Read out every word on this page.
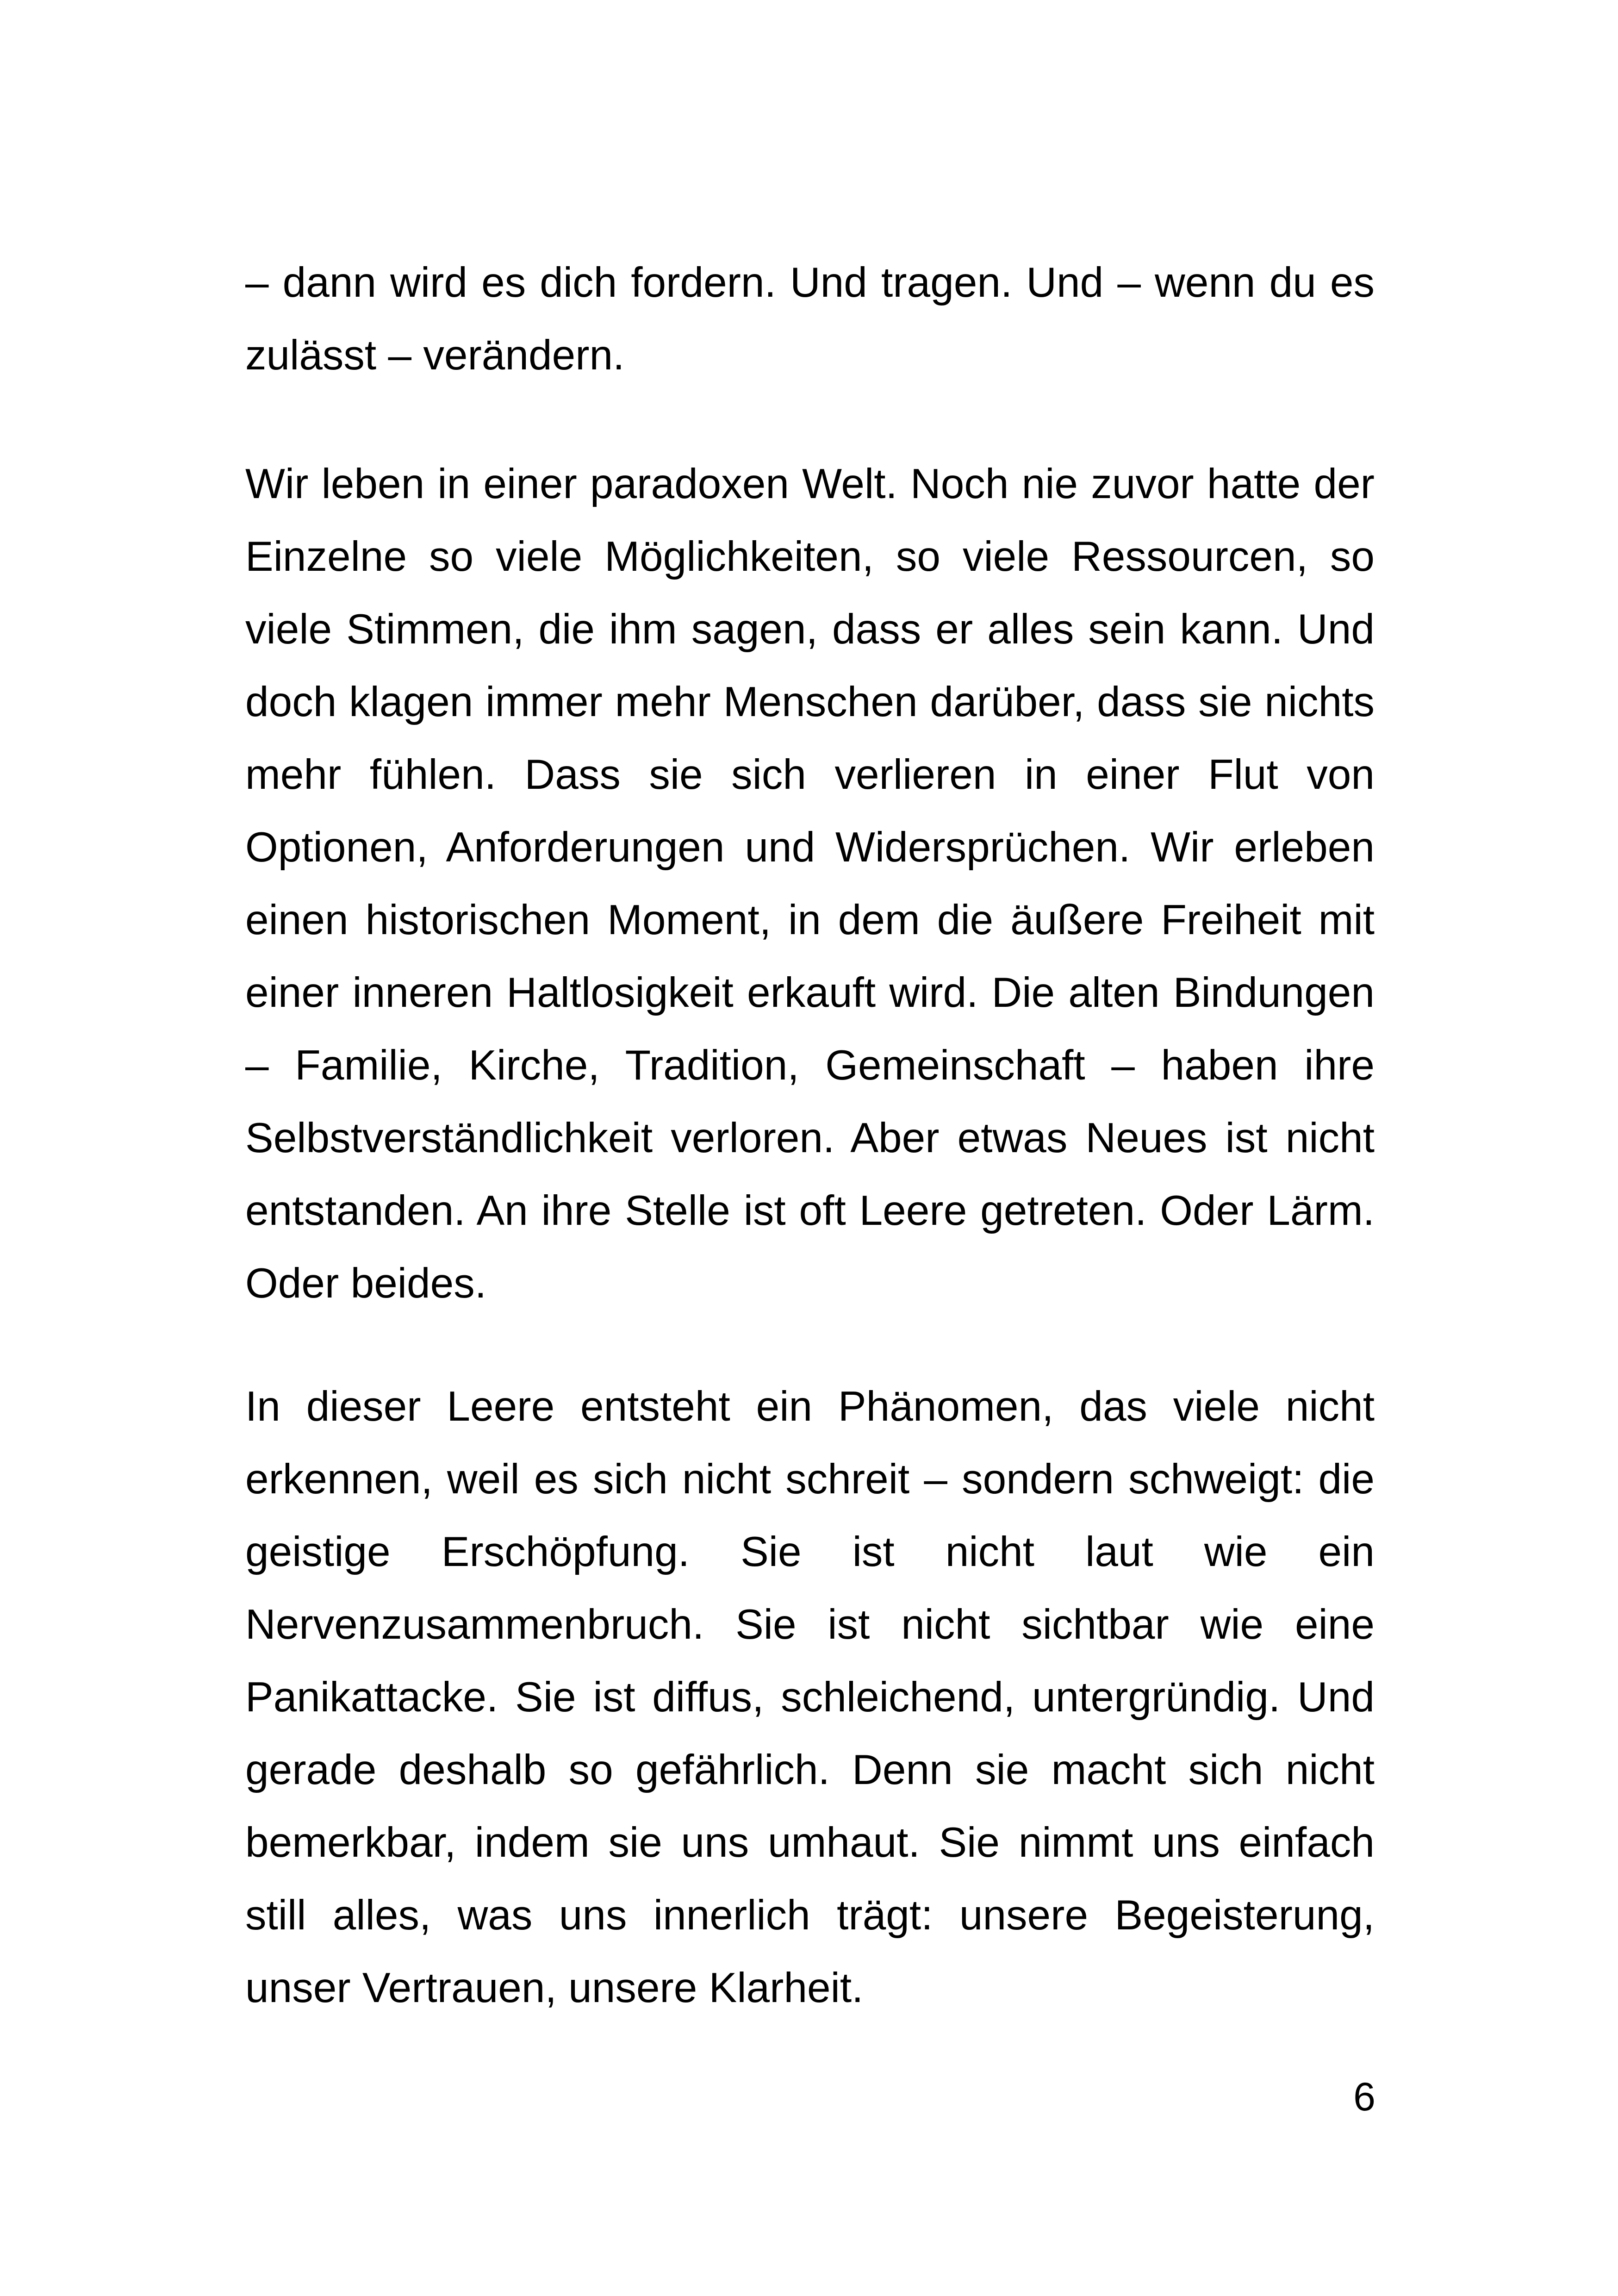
– dann wird es dich fordern. Und tragen. Und – wenn du es
zulässt – verändern.

Wir leben in einer paradoxen Welt. Noch nie zuvor hatte der
Einzelne so viele Möglichkeiten, so viele Ressourcen, so
viele Stimmen, die ihm sagen, dass er alles sein kann. Und
doch klagen immer mehr Menschen darüber, dass sie nichts
mehr fühlen. Dass sie sich verlieren in einer Flut von
Optionen, Anforderungen und Widersprüchen. Wir erleben
einen historischen Moment, in dem die äußere Freiheit mit
einer inneren Haltlosigkeit erkauft wird. Die alten Bindungen
– Familie, Kirche, Tradition, Gemeinschaft – haben ihre
Selbstverständlichkeit verloren. Aber etwas Neues ist nicht
entstanden. An ihre Stelle ist oft Leere getreten. Oder Lärm.
Oder beides.

In dieser Leere entsteht ein Phänomen, das viele nicht
erkennen, weil es sich nicht schreit – sondern schweigt: die
geistige Erschöpfung. Sie ist nicht laut wie ein
Nervenzusammenbruch. Sie ist nicht sichtbar wie eine
Panikattacke. Sie ist diffus, schleichend, untergründig. Und
gerade deshalb so gefährlich. Denn sie macht sich nicht
bemerkbar, indem sie uns umhaut. Sie nimmt uns einfach
still alles, was uns innerlich trägt: unsere Begeisterung,
unser Vertrauen, unsere Klarheit.

6
